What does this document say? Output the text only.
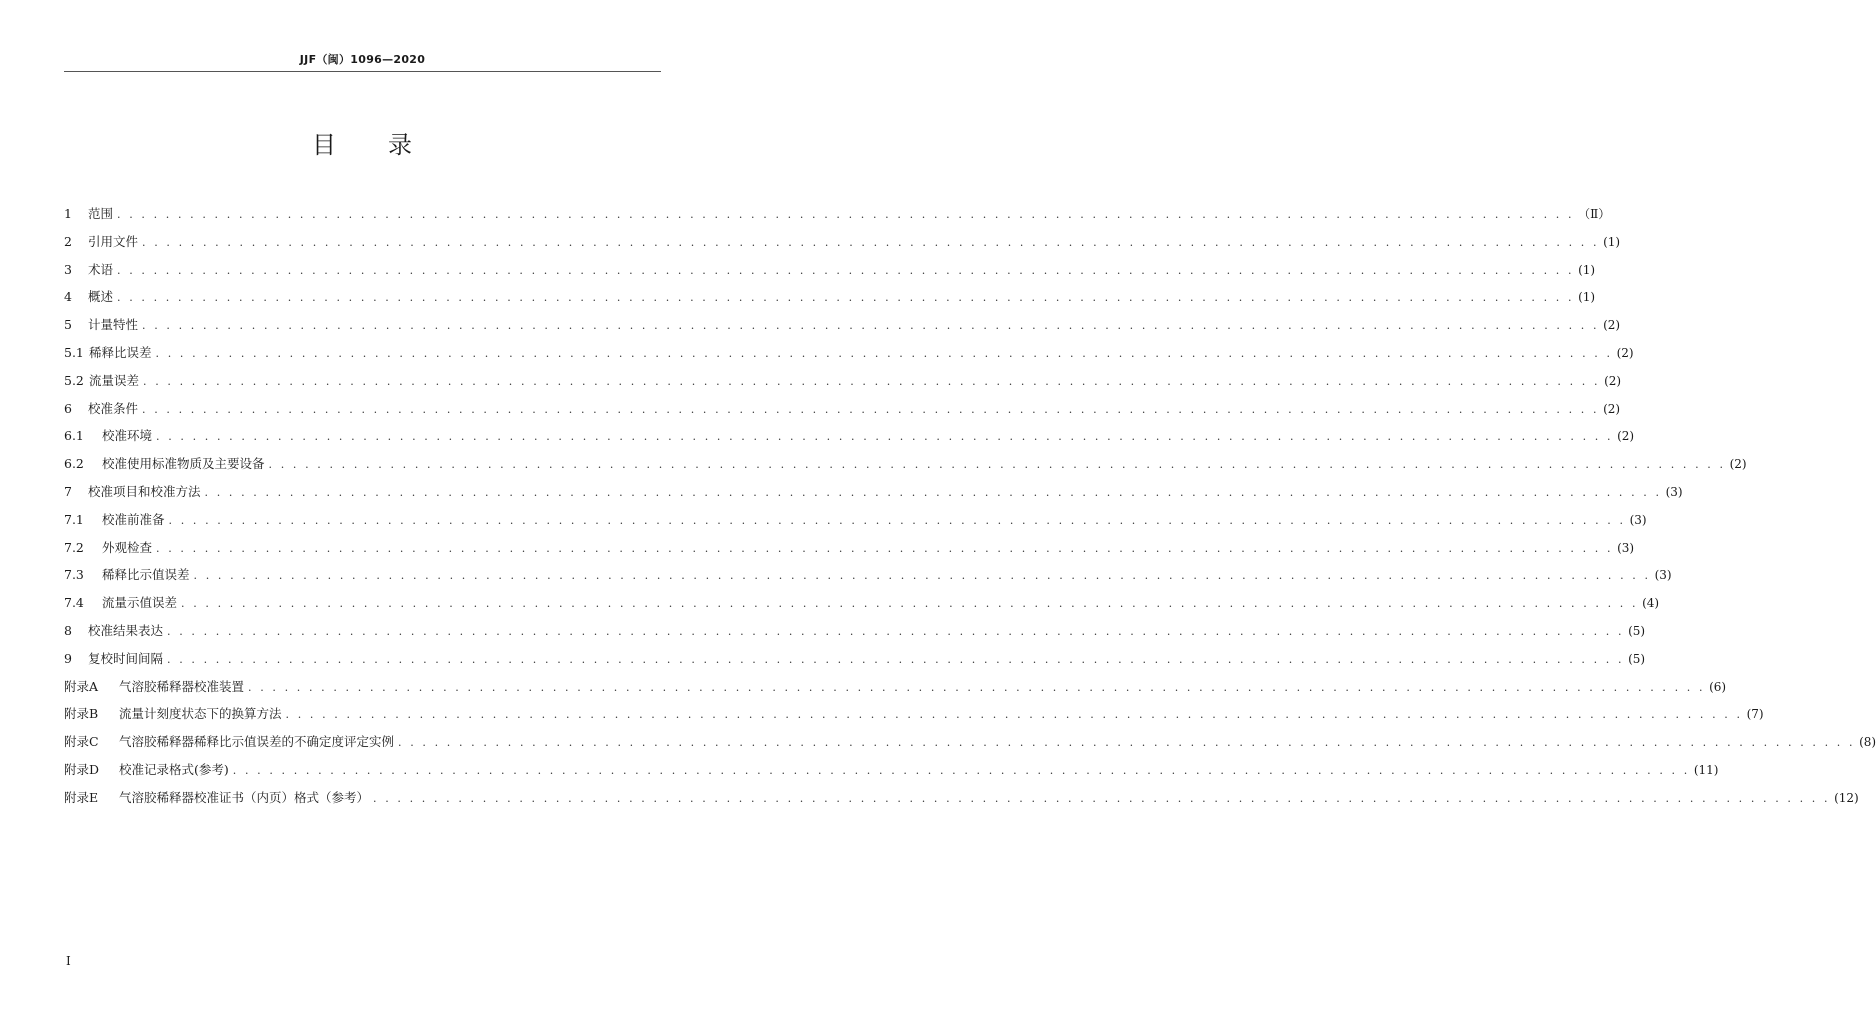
JJF（闽）1096—2020
目 录
1	范围 . . . . . . . . . . . . . . . . . . . . . . . . . . . . . . . . . . . . . . . . . . . . . . . . . . . . . . . . . . . . . . . . . . . . . . . . . . . . . . . . . . . . . . . . . . . . . . . . . . . . . . . . . . . . . . . . . . . . . . . . （Ⅱ）
2	引用文件 . . . . . . . . . . . . . . . . . . . . . . . . . . . . . . . . . . . . . . . . . . . . . . . . . . . . . . . . . . . . . . . . . . . . . . . . . . . . . . . . . . . . . . . . . . . . . . . . . . . . . . . . . . . . . . . . . . . . . . . . (1)
3	术语 . . . . . . . . . . . . . . . . . . . . . . . . . . . . . . . . . . . . . . . . . . . . . . . . . . . . . . . . . . . . . . . . . . . . . . . . . . . . . . . . . . . . . . . . . . . . . . . . . . . . . . . . . . . . . . . . . . . . . . . . (1)
4	概述 . . . . . . . . . . . . . . . . . . . . . . . . . . . . . . . . . . . . . . . . . . . . . . . . . . . . . . . . . . . . . . . . . . . . . . . . . . . . . . . . . . . . . . . . . . . . . . . . . . . . . . . . . . . . . . . . . . . . . . . . (1)
5	计量特性 . . . . . . . . . . . . . . . . . . . . . . . . . . . . . . . . . . . . . . . . . . . . . . . . . . . . . . . . . . . . . . . . . . . . . . . . . . . . . . . . . . . . . . . . . . . . . . . . . . . . . . . . . . . . . . . . . . . . . . . . (2)
5.1 稀释比误差 . . . . . . . . . . . . . . . . . . . . . . . . . . . . . . . . . . . . . . . . . . . . . . . . . . . . . . . . . . . . . . . . . . . . . . . . . . . . . . . . . . . . . . . . . . . . . . . . . . . . . . . . . . . . . . . . . . . . . . . . (2)
5.2 流量误差 . . . . . . . . . . . . . . . . . . . . . . . . . . . . . . . . . . . . . . . . . . . . . . . . . . . . . . . . . . . . . . . . . . . . . . . . . . . . . . . . . . . . . . . . . . . . . . . . . . . . . . . . . . . . . . . . . . . . . . . . (2)
6	校准条件 . . . . . . . . . . . . . . . . . . . . . . . . . . . . . . . . . . . . . . . . . . . . . . . . . . . . . . . . . . . . . . . . . . . . . . . . . . . . . . . . . . . . . . . . . . . . . . . . . . . . . . . . . . . . . . . . . . . . . . . . (2)
6.1	校准环境 . . . . . . . . . . . . . . . . . . . . . . . . . . . . . . . . . . . . . . . . . . . . . . . . . . . . . . . . . . . . . . . . . . . . . . . . . . . . . . . . . . . . . . . . . . . . . . . . . . . . . . . . . . . . . . . . . . . . . . . . (2)
6.2	校准使用标准物质及主要设备 . . . . . . . . . . . . . . . . . . . . . . . . . . . . . . . . . . . . . . . . . . . . . . . . . . . . . . . . . . . . . . . . . . . . . . . . . . . . . . . . . . . . . . . . . . . . . . . . . . . . . . . . . . . . . . . . . . . . . . . . (2)
7	校准项目和校准方法 . . . . . . . . . . . . . . . . . . . . . . . . . . . . . . . . . . . . . . . . . . . . . . . . . . . . . . . . . . . . . . . . . . . . . . . . . . . . . . . . . . . . . . . . . . . . . . . . . . . . . . . . . . . . . . . . . . . . . . . . (3)
7.1	校准前准备 . . . . . . . . . . . . . . . . . . . . . . . . . . . . . . . . . . . . . . . . . . . . . . . . . . . . . . . . . . . . . . . . . . . . . . . . . . . . . . . . . . . . . . . . . . . . . . . . . . . . . . . . . . . . . . . . . . . . . . . . (3)
7.2	外观检查 . . . . . . . . . . . . . . . . . . . . . . . . . . . . . . . . . . . . . . . . . . . . . . . . . . . . . . . . . . . . . . . . . . . . . . . . . . . . . . . . . . . . . . . . . . . . . . . . . . . . . . . . . . . . . . . . . . . . . . . . (3)
7.3	稀释比示值误差 . . . . . . . . . . . . . . . . . . . . . . . . . . . . . . . . . . . . . . . . . . . . . . . . . . . . . . . . . . . . . . . . . . . . . . . . . . . . . . . . . . . . . . . . . . . . . . . . . . . . . . . . . . . . . . . . . . . . . . . . (3)
7.4	流量示值误差 . . . . . . . . . . . . . . . . . . . . . . . . . . . . . . . . . . . . . . . . . . . . . . . . . . . . . . . . . . . . . . . . . . . . . . . . . . . . . . . . . . . . . . . . . . . . . . . . . . . . . . . . . . . . . . . . . . . . . . . . (4)
8	校准结果表达 . . . . . . . . . . . . . . . . . . . . . . . . . . . . . . . . . . . . . . . . . . . . . . . . . . . . . . . . . . . . . . . . . . . . . . . . . . . . . . . . . . . . . . . . . . . . . . . . . . . . . . . . . . . . . . . . . . . . . . . . (5)
9	复校时间间隔 . . . . . . . . . . . . . . . . . . . . . . . . . . . . . . . . . . . . . . . . . . . . . . . . . . . . . . . . . . . . . . . . . . . . . . . . . . . . . . . . . . . . . . . . . . . . . . . . . . . . . . . . . . . . . . . . . . . . . . . . (5)
附录A	气溶胶稀释器校准装置 . . . . . . . . . . . . . . . . . . . . . . . . . . . . . . . . . . . . . . . . . . . . . . . . . . . . . . . . . . . . . . . . . . . . . . . . . . . . . . . . . . . . . . . . . . . . . . . . . . . . . . . . . . . . . . . . . . . . . . . . (6)
附录B	流量计刻度状态下的换算方法 . . . . . . . . . . . . . . . . . . . . . . . . . . . . . . . . . . . . . . . . . . . . . . . . . . . . . . . . . . . . . . . . . . . . . . . . . . . . . . . . . . . . . . . . . . . . . . . . . . . . . . . . . . . . . . . . . . . . . . . . (7)
附录C	气溶胶稀释器稀释比示值误差的不确定度评定实例 . . . . . . . . . . . . . . . . . . . . . . . . . . . . . . . . . . . . . . . . . . . . . . . . . . . . . . . . . . . . . . . . . . . . . . . . . . . . . . . . . . . . . . . . . . . . . . . . . . . . . . . . . . . . . . . . . . . . . . . . (8)
附录D	校准记录格式(参考) . . . . . . . . . . . . . . . . . . . . . . . . . . . . . . . . . . . . . . . . . . . . . . . . . . . . . . . . . . . . . . . . . . . . . . . . . . . . . . . . . . . . . . . . . . . . . . . . . . . . . . . . . . . . . . . . . . . . . . . . (11)
附录E	气溶胶稀释器校准证书（内页）格式（参考） . . . . . . . . . . . . . . . . . . . . . . . . . . . . . . . . . . . . . . . . . . . . . . . . . . . . . . . . . . . . . . . . . . . . . . . . . . . . . . . . . . . . . . . . . . . . . . . . . . . . . . . . . . . . . . . . . . . . . . . . (12)
Ⅰ
